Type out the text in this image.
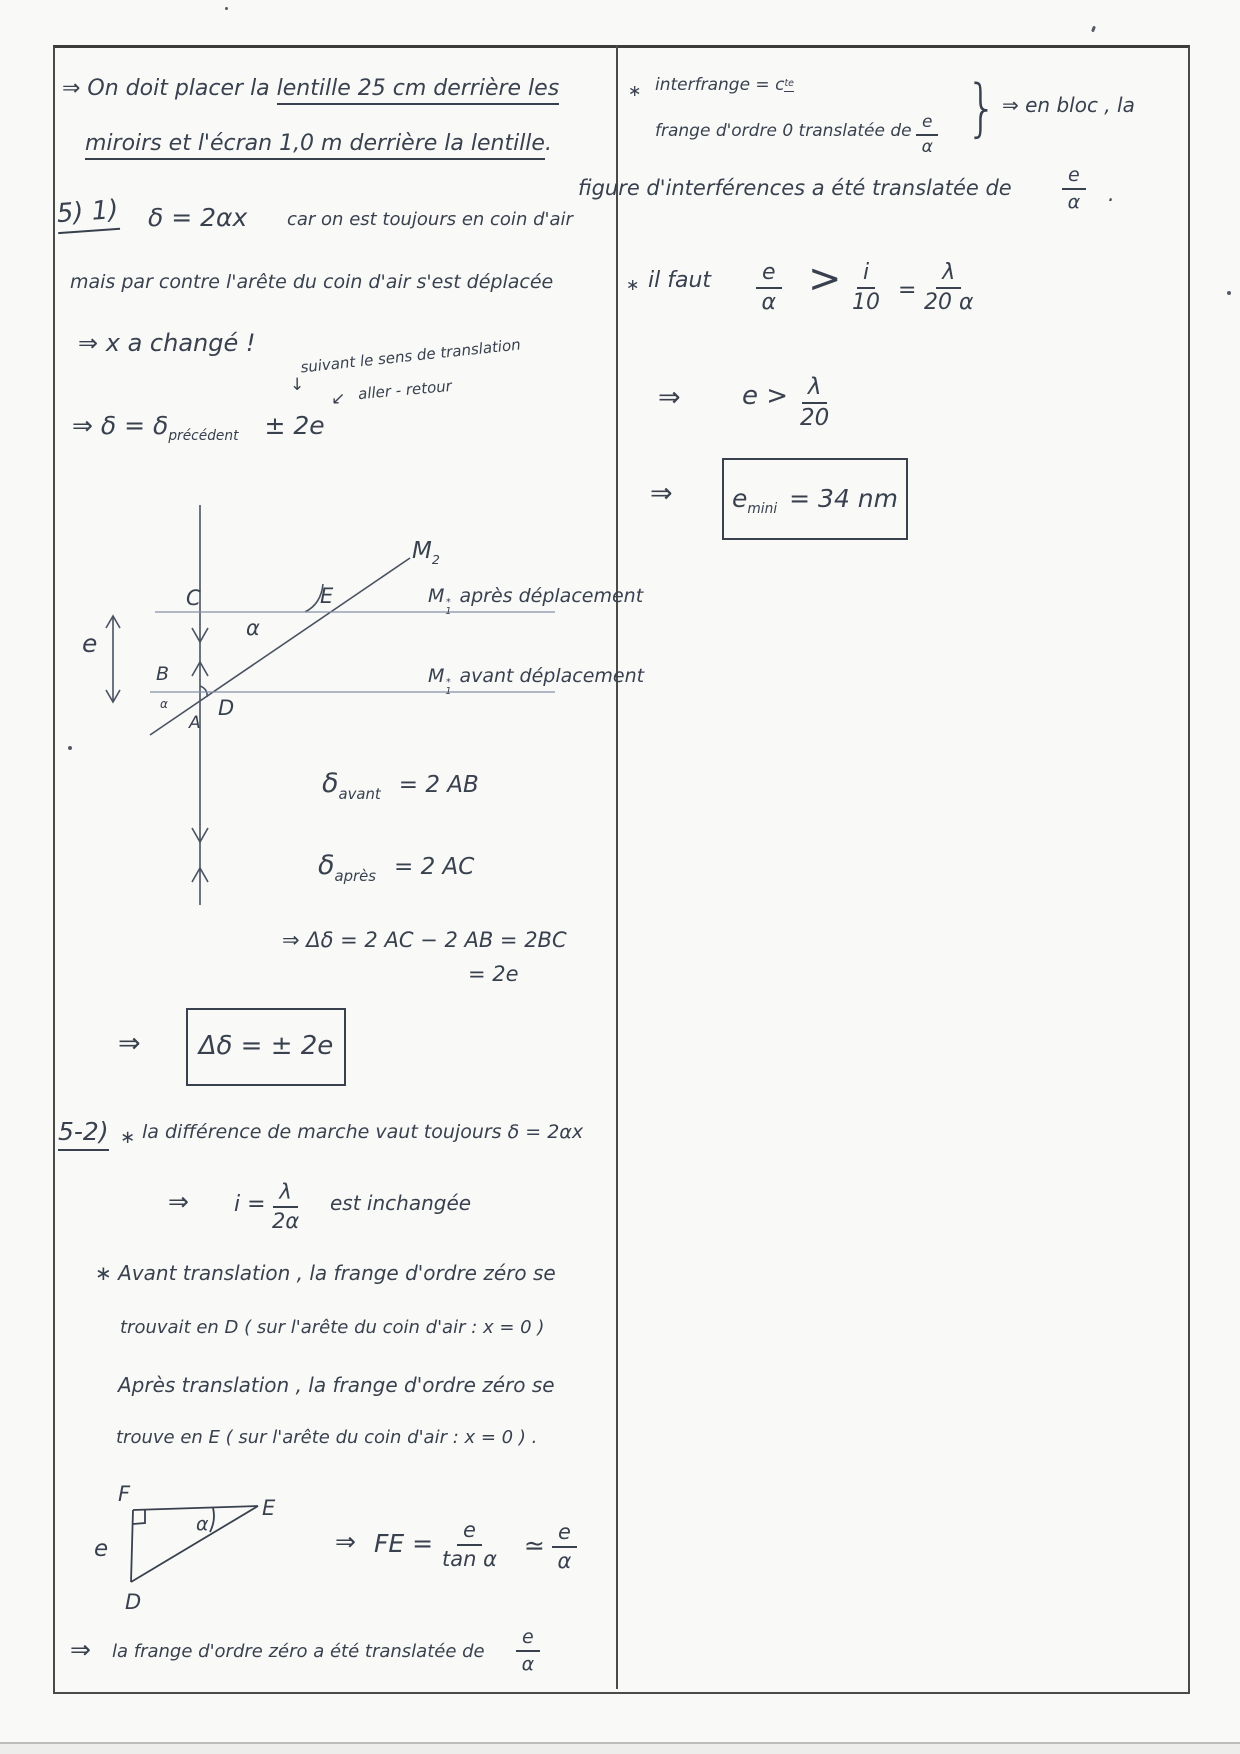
⇒ On doit placer la lentille 25 cm derrière les
miroirs et l'écran 1,0 m derrière la lentille.
5) 1) δ = 2αx car on est toujours en coin d'air
mais par contre l'arête du coin d'air s'est déplacée
⇒ x a changé !	suivant le sens de translation
↓
↙ aller - retour
⇒ $\delta = \delta_{précédent} \pm 2e$
C	E
B
A
D
α
α
e
$M_2$
M *
1
après déplacement
M *
1
avant déplacement
$\delta_{avant} = 2$ AB
$\delta_{après} = 2$ AC
⇒ Δδ = 2 AC − 2 AB = 2BC
= 2e
⇒ Δδ = ± 2e
5-2) ∗ la différence de marche vaut toujours δ = 2αx
⇒ $i = \frac{\lambda}{2\alpha}$ est inchangée
∗ Avant translation , la frange d'ordre zéro se
trouvait en D ( sur l'arête du coin d'air : x = 0 )
Après translation , la frange d'ordre zéro se
trouve en E ( sur l'arête du coin d'air : x = 0 ) .
F
E
D
e
α
⇒ FE = $\frac{e}{\text{tan α}}$ ≃ $\frac{e}{\alpha}$
⇒ la frange d'ordre zéro a été translatée de $\frac{e}{\alpha}$
∗ interfrange = $c^{te}$
frange d'ordre 0 translatée de $\frac{e}{\alpha}$ } ⇒ en bloc , la
figure d'interférences a été translatée de	$\frac{e}{\alpha}$ .
∗ il faut $\frac{e}{\alpha} > \frac{i}{10} = \frac{\lambda}{20 \alpha}$
⇒ $e > \frac{\lambda}{20}$
⇒ $e_{mini} = 34$ nm
